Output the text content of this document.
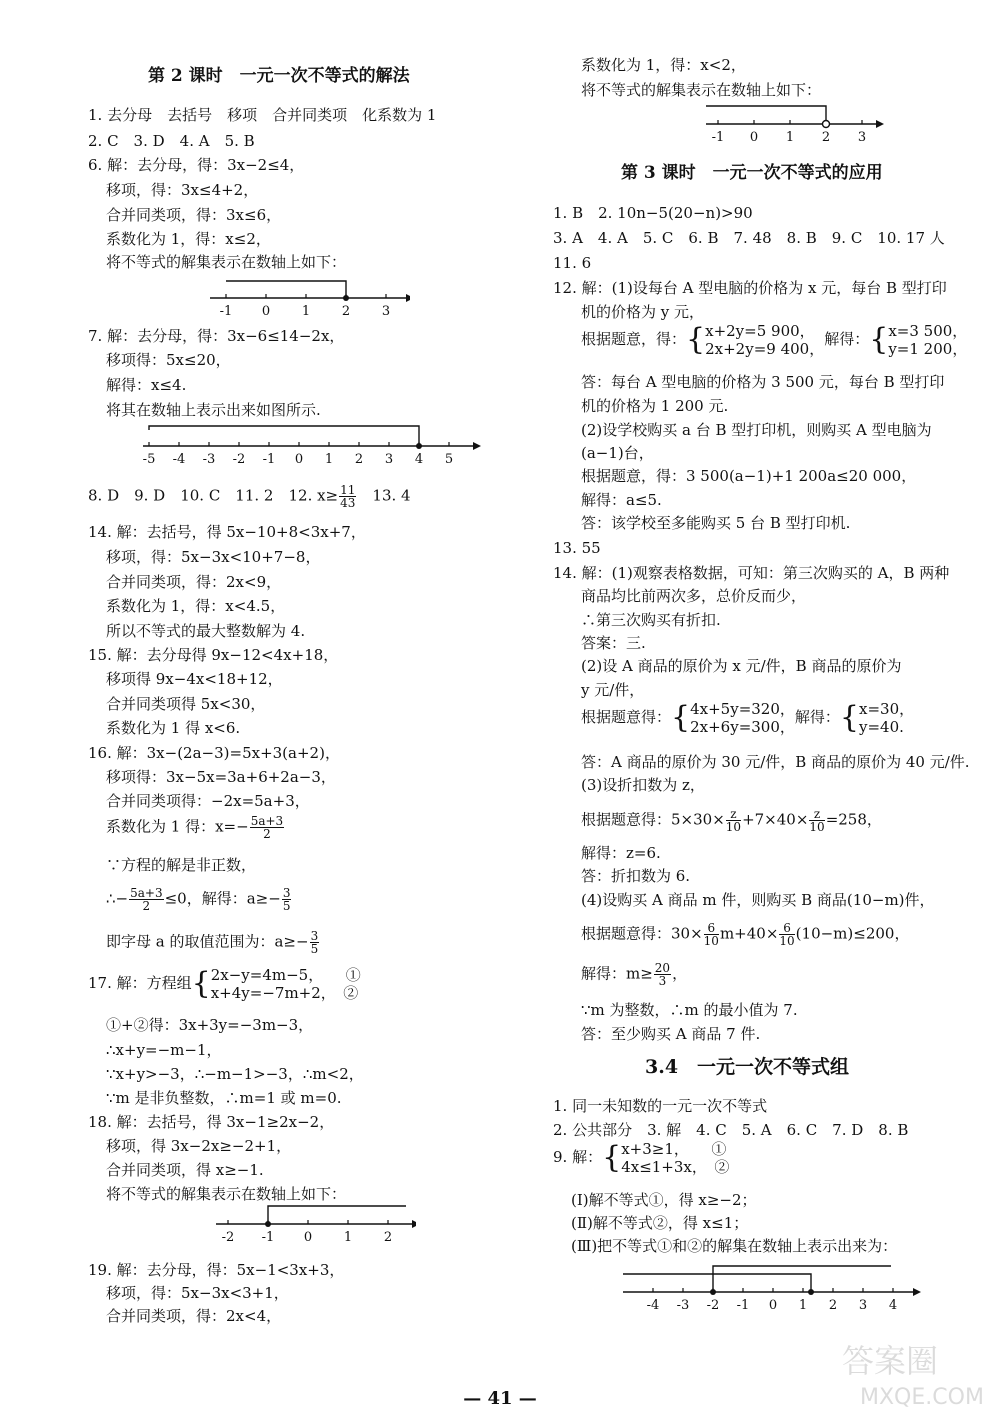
第 2 课时　一元一次不等式的解法
1. 去分母　去括号　移项　合并同类项　化系数为 1
2. C　3. D　4. A　5. B
6. 解：去分母，得：3x−2≤4，
移项，得：3x≤4+2，
合并同类项，得：3x≤6，
系数化为 1，得：x≤2，
将不等式的解集表示在数轴上如下：
-1 0 1 2 3
7. 解：去分母，得：3x−6≤14−2x，
移项得：5x≤20，
解得：x≤4.
将其在数轴上表示出来如图所示.
-5 -4 -3 -2 -1 0 1 2 3 4 5
8. D　9. D　10. C　11. 2　12. $x\ge \frac{11}{43}$ 　13. 4
14. 解：去括号，得 5x−10+8<3x+7，
移项，得：5x−3x<10+7−8，
合并同类项，得：2x<9，
系数化为 1，得：x<4.5，
所以不等式的最大整数解为 4.
15. 解：去分母得 9x−12<4x+18，
移项得 9x−4x<18+12，
合并同类项得 5x<30，
系数化为 1 得 x<6.
16. 解：3x−(2a−3)=5x+3(a+2)，
移项得：3x−5x=3a+6+2a−3，
合并同类项得：−2x=5a+3，
系数化为 1 得：$x=- \frac{5a+3}{2}$
∵方程的解是非正数，
∴− $\frac{5a+3}{2} \le 0$，解得：$a\ge- \frac{3}{5}$
即字母 a 的取值范围为：$a\ge- \frac{3}{5}$
17. 解：方程组{2x−y=4m−5，　　①
x+4y=−7m+2，　②
①+②得：3x+3y=−3m−3，
∴x+y=−m−1，
∵x+y>−3，∴−m−1>−3，∴m<2，
∵m 是非负整数，∴m=1 或 m=0.
18. 解：去括号，得 3x−1≥2x−2，
移项，得 3x−2x≥−2+1，
合并同类项，得 x≥−1.
将不等式的解集表示在数轴上如下：
-2 -1 0 1 2
19. 解：去分母，得：5x−1<3x+3，
移项，得：5x−3x<3+1，
合并同类项，得：2x<4，
系数化为 1，得：x<2，
将不等式的解集表示在数轴上如下：
-1 0 1 2 3
第 3 课时　一元一次不等式的应用
1. B　2. 10n−5(20−n)>90
3. A　4. A　5. C　6. B　7. 48　8. B　9. C　10. 17 人
11. 6
12. 解：(1)设每台 A 型电脑的价格为 x 元，每台 B 型打印
机的价格为 y 元，
根据题意，得：{x+2y=5 900，
2x+2y=9 400，解得：{x=3 500，
y=1 200，
答：每台 A 型电脑的价格为 3 500 元，每台 B 型打印
机的价格为 1 200 元.
(2)设学校购买 a 台 B 型打印机，则购买 A 型电脑为
(a−1)台，
根据题意，得：3 500(a−1)+1 200a≤20 000，
解得：a≤5.
答：该学校至多能购买 5 台 B 型打印机.
13. 55
14. 解：(1)观察表格数据，可知：第三次购买的 A，B 两种
商品均比前两次多，总价反而少，
∴第三次购买有折扣.
答案：三.
(2)设 A 商品的原价为 x 元/件，B 商品的原价为
y 元/件，
根据题意得：{4x+5y=320，
2x+6y=300，解得：{x=30，
y=40.
答：A 商品的原价为 30 元/件，B 商品的原价为 40 元/件.
(3)设折扣数为 z，
根据题意得：$5\times 30\times \frac{z}{10} +7\times 40\times \frac{z}{10} =258$，
解得：z=6.
答：折扣数为 6.
(4)设购买 A 商品 m 件，则购买 B 商品(10−m)件，
根据题意得：$30\times \frac{6}{10} m+40\times \frac{6}{10} (10-m)\le 200$，
解得：$m\ge \frac{20}{3}$ ，
∵m 为整数，∴m 的最小值为 7.
答：至少购买 A 商品 7 件.
3.4　一元一次不等式组
1. 同一未知数的一元一次不等式
2. 公共部分　3. 解　4. C　5. A　6. C　7. D　8. B
9. 解：{x+3≥1，　　①
4x≤1+3x，　②
(Ⅰ)解不等式①，得 x≥−2；
(Ⅱ)解不等式②，得 x≤1；
(Ⅲ)把不等式①和②的解集在数轴上表示出来为：
-4 -3 -2 -1 0 1 2 3 4
— 41 —
答案圈
MXQE.COM
